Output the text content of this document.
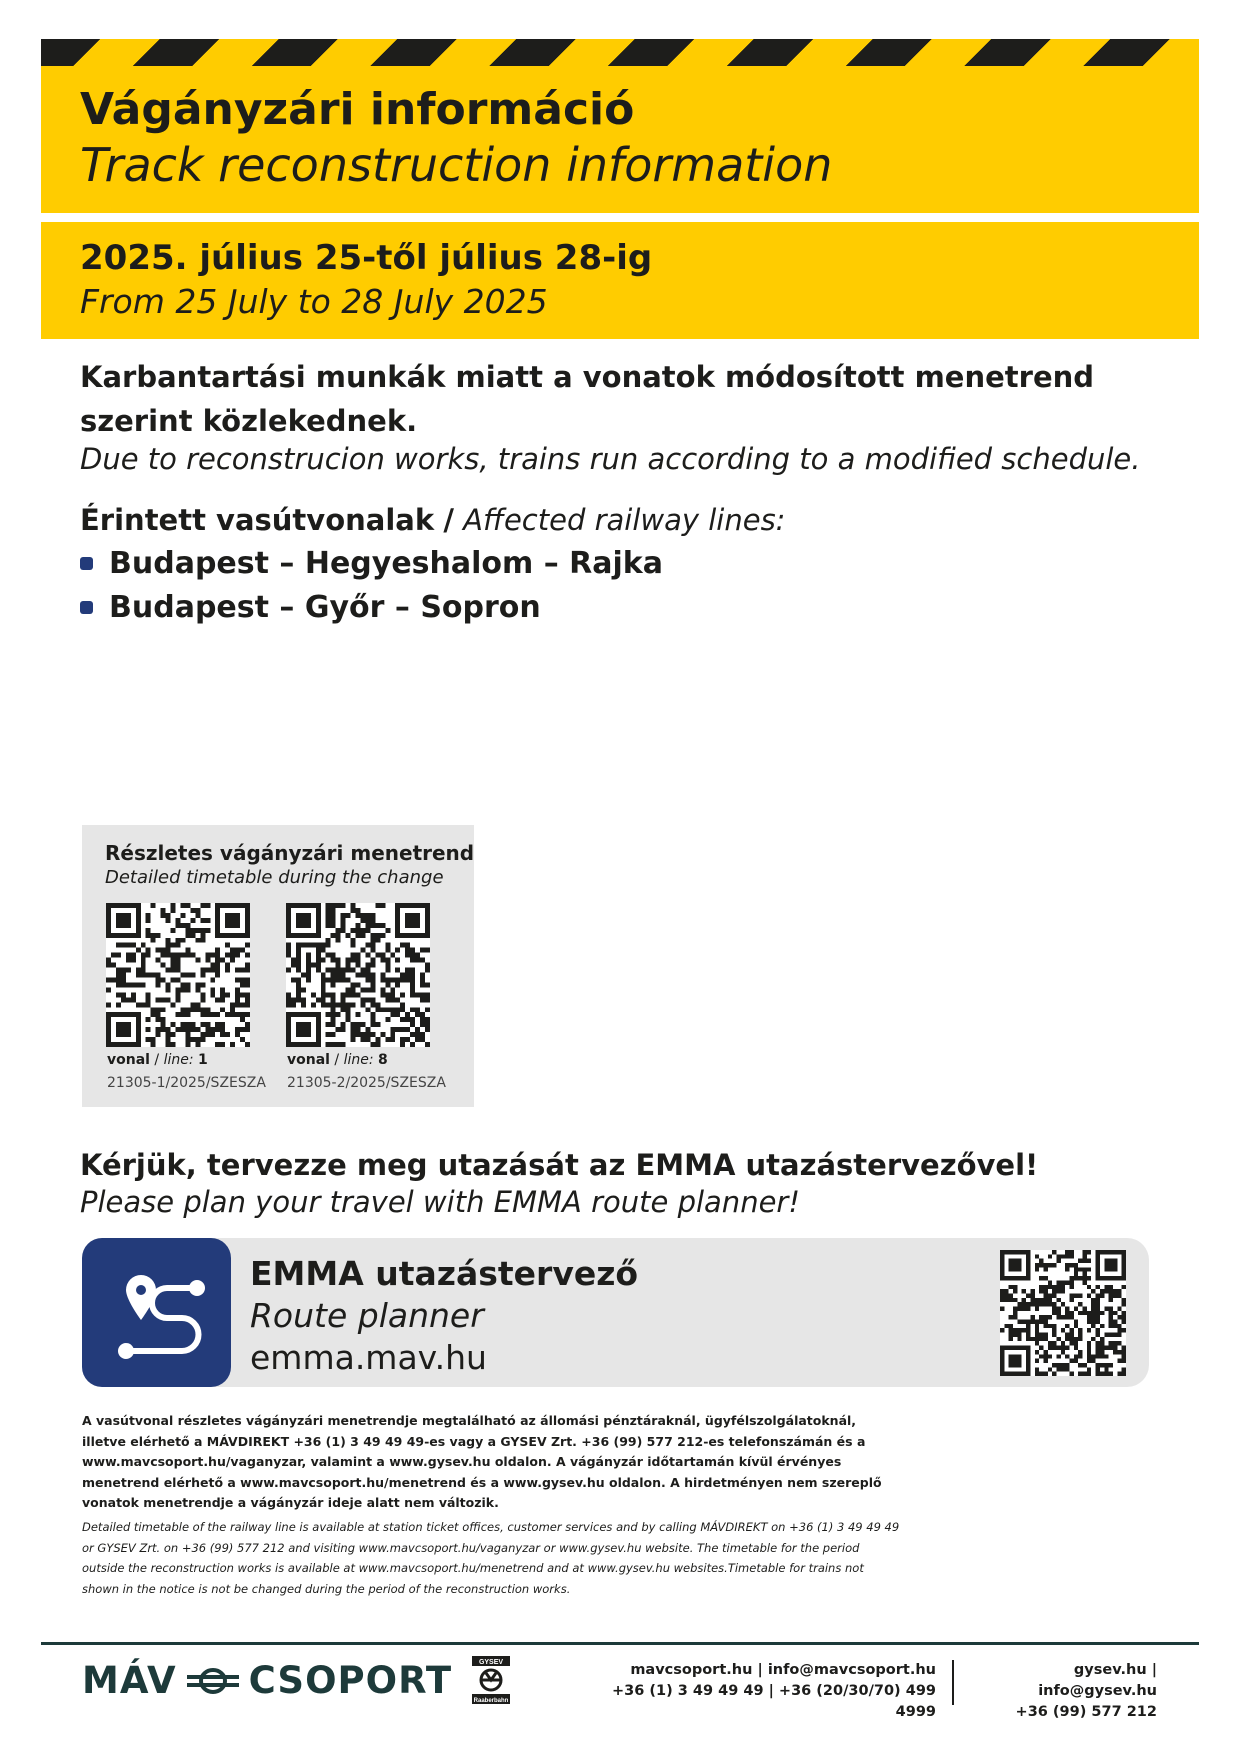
Vágányzári információ
Track reconstruction information
2025. július 25-től július 28-ig
From 25 July to 28 July 2025
Karbantartási munkák miatt a vonatok módosított menetrend szerint közlekednek.
Due to reconstrucion works, trains run according to a modified schedule.
Érintett vasútvonalak / Affected railway lines:
Budapest – Hegyeshalom – Rajka
Budapest – Győr – Sopron
Részletes vágányzári menetrend
Detailed timetable during the change
vonal / line: 1
21305-1/2025/SZESZA
vonal / line: 8
21305-2/2025/SZESZA
Kérjük, tervezze meg utazását az EMMA utazástervezővel!
Please plan your travel with EMMA route planner!
EMMA utazástervező
Route planner
emma.mav.hu
A vasútvonal részletes vágányzári menetrendje megtalálható az állomási pénztáraknál, ügyfélszolgálatoknál, illetve elérhető a MÁVDIREKT +36 (1) 3 49 49 49-es vagy a GYSEV Zrt. +36 (99) 577 212-es telefonszámán és a www.mavcsoport.hu/vaganyzar, valamint a www.gysev.hu oldalon. A vágányzár időtartamán kívül érvényes menetrend elérhető a www.mavcsoport.hu/menetrend és a www.gysev.hu oldalon. A hirdetményen nem szereplő vonatok menetrendje a vágányzár ideje alatt nem változik.
Detailed timetable of the railway line is available at station ticket offices, customer services and by calling MÁVDIREKT on +36 (1) 3 49 49 49 or GYSEV Zrt. on +36 (99) 577 212 and visiting www.mavcsoport.hu/vaganyzar or www.gysev.hu website. The timetable for the period outside the reconstruction works is available at www.mavcsoport.hu/menetrend and at www.gysev.hu websites.Timetable for trains not shown in the notice is not be changed during the period of the reconstruction works.
MÁV CSOPORT	GYSEV
Raaberbahn
mavcsoport.hu | info@mavcsoport.hu
+36 (1) 3 49 49 49 | +36 (20/30/70) 499 4999
gysev.hu | info@gysev.hu
+36 (99) 577 212
